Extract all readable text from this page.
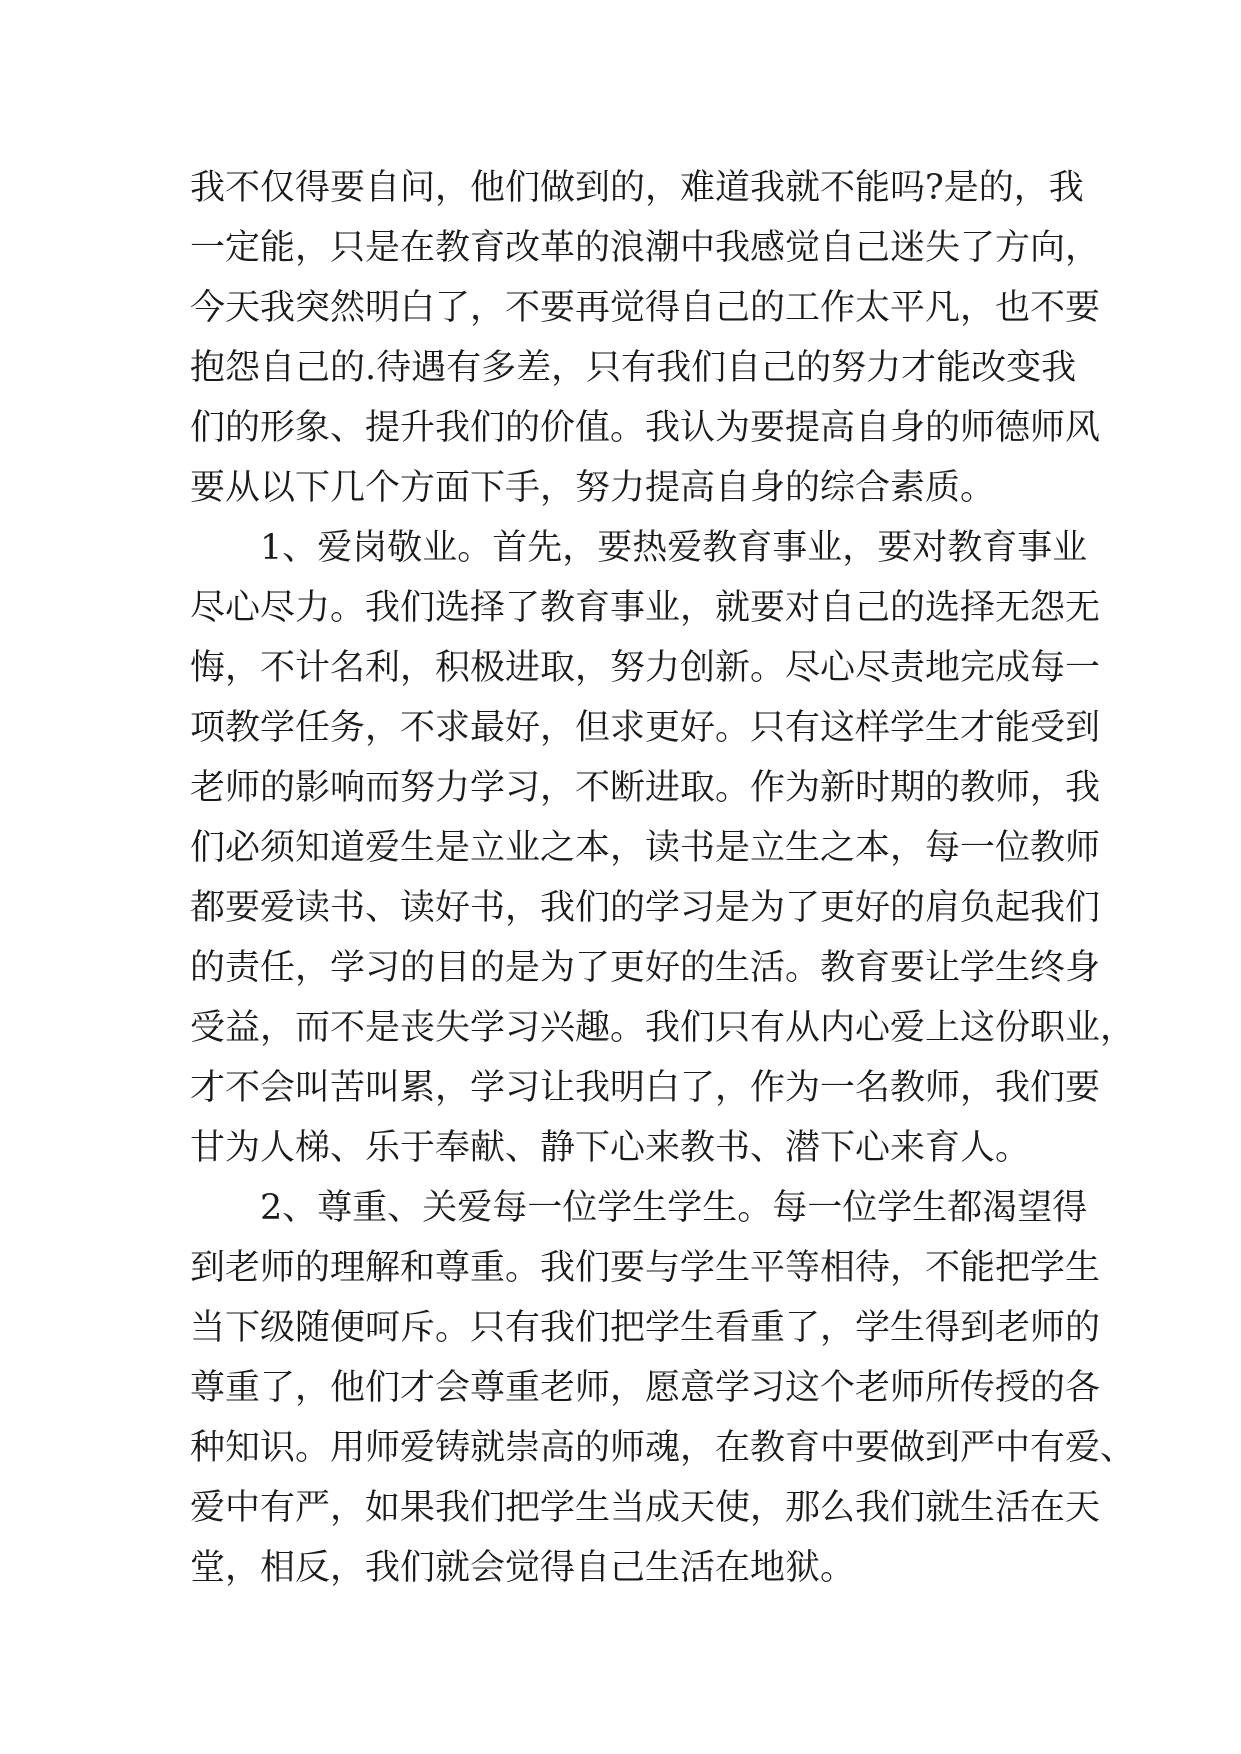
我不仅得要自问，他们做到的，难道我就不能吗?是的，我
一定能，只是在教育改革的浪潮中我感觉自己迷失了方向，
今天我突然明白了，不要再觉得自己的工作太平凡，也不要
抱怨自己的.待遇有多差，只有我们自己的努力才能改变我
们的形象、提升我们的价值。我认为要提高自身的师德师风
要从以下几个方面下手，努力提高自身的综合素质。
1、爱岗敬业。首先，要热爱教育事业，要对教育事业
尽心尽力。我们选择了教育事业，就要对自己的选择无怨无
悔，不计名利，积极进取，努力创新。尽心尽责地完成每一
项教学任务，不求最好，但求更好。只有这样学生才能受到
老师的影响而努力学习，不断进取。作为新时期的教师，我
们必须知道爱生是立业之本，读书是立生之本，每一位教师
都要爱读书、读好书，我们的学习是为了更好的肩负起我们
的责任，学习的目的是为了更好的生活。教育要让学生终身
受益，而不是丧失学习兴趣。我们只有从内心爱上这份职业，
才不会叫苦叫累，学习让我明白了，作为一名教师，我们要
甘为人梯、乐于奉献、静下心来教书、潜下心来育人。
2、尊重、关爱每一位学生学生。每一位学生都渴望得
到老师的理解和尊重。我们要与学生平等相待，不能把学生
当下级随便呵斥。只有我们把学生看重了，学生得到老师的
尊重了，他们才会尊重老师，愿意学习这个老师所传授的各
种知识。用师爱铸就崇高的师魂，在教育中要做到严中有爱、
爱中有严，如果我们把学生当成天使，那么我们就生活在天
堂，相反，我们就会觉得自己生活在地狱。
